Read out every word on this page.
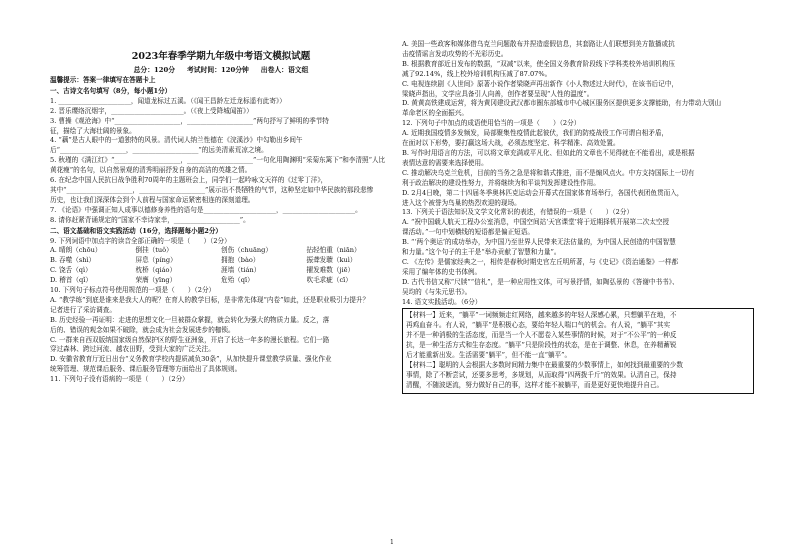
2023年春季学期九年级中考语文模拟试题
总分：120分 考试时间：120分钟 出卷人：语文组
温馨提示：答案一律填写在答题卡上
一、古诗文名句填写（8分，每小题1分）
1. ______________________，闻道龙标过五溪。（《闻王昌龄左迁龙标遥有此寄》）
2. 晋乐缨络沉烟宇，______________________。（《夜上受降城闻笛》）
3. 曹操《观沧海》中“____________________，____________________”两句抒写了鲜明的季节特
征，描绘了大海壮阔的景象。
4. “藕”是古人眼中的一道独特的风景。清代词人纳兰性德在《浣溪沙》中勾勒出乡间午
后“____________________，____________________”的远美清素荒凉之境。
5. 秋瑾的《满江红》“____________________，____________________”一句化用陶渊明“采菊东篱下”和李清照“人比
黄花瘦”的名句，以自然景观的清秀明丽抒发自身的高洁的英雄之情。
6. 在纪念中国人民抗日战争胜利70周年的主题班会上，同学们一起吟咏文天祥的《过零丁洋》，
其中“____________________，____________________”展示出不畏牺牲的气节，这种坚定如中华民族的那段悲惨
历史，也让我们深深体会到个人前程与国家命运紧密相连的深刻道理。
7. 《论语》中强调正知人成事以德修身养性的语句是______________________，______________________。
8. 请你赶紧背诵规定的“国家不幸诗家幸，____________________”。
二、语文基础和语文实践活动（16分，选择题每小题2分）
9. 下列词语中加点字的读音全部正确的一项是（　　）（2分）
A. 晴朗（chōu）	倒挂（tuǒ）	创伤（chuāng）	拈轻怕重（niān）
B. 吞噬（shì）	屏息（píng）	拥抱（bào）	振聋发聩（kuì）
C. 饶舌（qì）	枕桥（qiáo）	涯墙（tián）	擢发难数（jiē）
D. 稽首（qǐ）	荣膺（yīng）	危殆（qī）	吹毛求疵（cī）
10. 下列句子标点符号使用规范的一项是（　　）（2分）
A. “教学练”到底是谁来是我大人的呢？在育人的教学目标，是非常先体现“内卷”如此，还是职业吸引力提升？
记者进行了采访调查。
B. 历史经验一再证明：走进的思想文化一旦被群众掌握，就会转化为强大的物质力量。反之，落
后的、错误的观念如果不破除，就会成为社会发展进步的枷锁。
C. 一群来自西双版纳国家级自然保护区的野生亚洲象，开启了长达一年多的漫长旅程。它们一路
穿过森林、跨过河流、越农田野，受到大家的广泛关注。
D. 安徽省教育厅近日出台“义务教育学校内提质减负30条”，从加快提升课堂教学质量、强化作业
统筹管理、规范课后服务、课后服务管理等方面给出了具体规则。
11. 下列句子没有语病的一项是（　　）（2分）
A. 美国一些政客和媒体借乌克兰问题散布并捏造虚假信息，其套路让人们联想到美方散播或抗
击疫情谣言发动攻势的不光彩历史。
B. 根据教育部近日发布的数据，“双减”以来，使全国义务教育阶段线下学科类校外培训机构压
减了92.14%，线上校外培训机构压减了87.07%。
C. 电视连续剧《人世间》原著小说作者梁晓声再出新作《小人物述过大时代》，在该书后记中，
梁晓声指出，文学应具备引人向善，创作者要呈现“人性的温度”。
D. 黄黄高铁建成运营，将为黄冈建设武汉都市圈东部城市中心城区服务区提供更多支撑能助，有力带动大别山
革命老区的全面振兴。
12. 下列句子中加点的成语使用恰当的一项是（　　）（2分）
A. 近期我国疫情多发频发，局部聚集性疫情此起彼伏，我们的防疫战役工作可谓自相矛盾，
在面对以下形势，要打赢这场大战，必须态度坚定、科学精准、高效处置。
B. 写作时用语言的方法，可以将文章充满或平凡化、但如此的文章也不见得就在不能看出，或是根据
表情达意的需要来选择使用。
C. 推动解决乌克兰危机，目前的当务之急是将和谐式推进，而不是煽风点火。中方支持国际上一切有
利于政治解决的建设性努力，并将继续为和平谈判发挥建设性作用。
D. 2月4日晚，第二十四届冬季奥林匹克运动会开幕式在国家体育场举行，各国代表团鱼贯而入，
进入这个被誉为鸟巢的热烈欢迎的现场。
13. 下列关于语法知识及文学文化常识的表述，有错误的一项是（　　）（2分）
A. “祝中国载人航天工程办公室消息，中国空间站‘天宫课堂’将于近期择机开展第二次太空授
课活动。”一句中划横线的短语都是偏正短语。
B. “‘两个奥运’的成功举办，为中国乃至世界人民带来无法估量的，为中国人民创造的中国智慧
和力量。”这个句子的主干是“举办贡献了智慧和力量”。
C. 《左传》是儒家经典之一，相传是春秋时期史官左丘明所著，与《史记》《资治通鉴》一样都
采用了编年体的史书体例。
D. 古代书信又称“尺牍”“信札”，是一种应用性文体，可写景抒情，如陶弘景的《答谢中书书》、
吴均的《与朱元思书》。
14. 语文实践活动。（6分）

【材料一】近来，“躺平”一词频频走红网络，越来越多的年轻人深感心累，只想躺平在地，不

再鸡血奋斗。有人说，“躺平”是积极心态，要给年轻人喘口气的机会。有人说，“躺平”其实

并不是一种消极的生活态度，而是当一个人不愿卷入某些事情的时候，对于“不公平”的一种反

抗，是一种生活方式和生存态度。“躺平”只是阶段性的状态，是在于调整、休息，在养精蓄锐

后才能重新出发。生活需要“躺平”，但不能一直“躺平”。

【材料二】聪明的人会根据大多数时间精力集中在最重要的少数事情上，如何找到最重要的少数

事情，除了不断尝试，还要多思考，多规划，从而取得“四两拨千斤”的效果。认清自己，保持

清醒，不随波逐流，努力做好自己的事，这样才能不被躺平，而是更好更快地提升自己。

1
